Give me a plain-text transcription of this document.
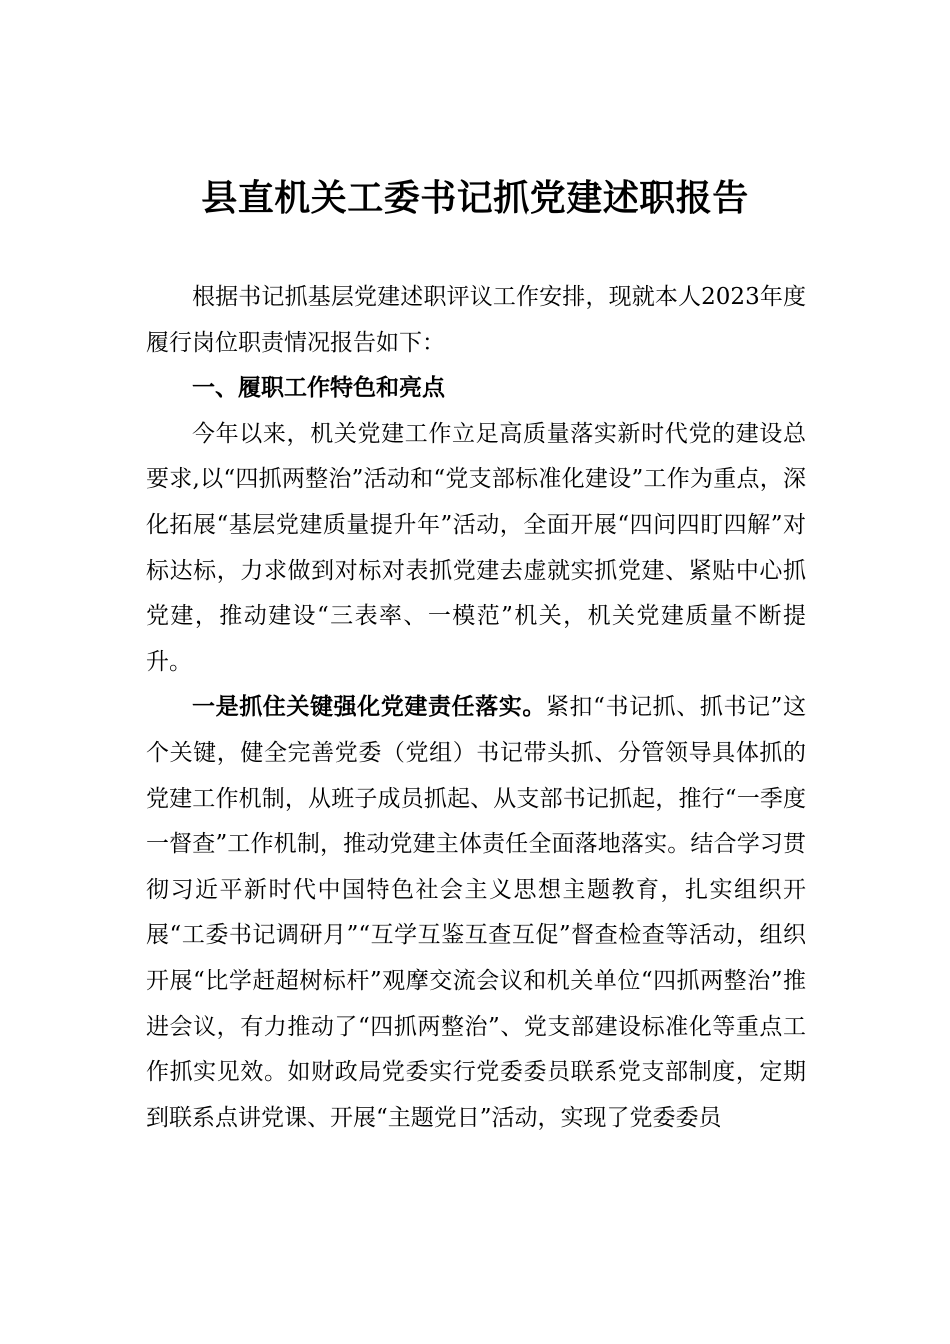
县直机关工委书记抓党建述职报告

根据书记抓基层党建述职评议工作安排，现就本人2023年度履行岗位职责情况报告如下：

一、履职工作特色和亮点

今年以来，机关党建工作立足高质量落实新时代党的建设总要求,以“四抓两整治”活动和“党支部标准化建设”工作为重点，深化拓展“基层党建质量提升年”活动，全面开展“四问四盯四解”对标达标，力求做到对标对表抓党建去虚就实抓党建、紧贴中心抓党建，推动建设“三表率、一模范”机关，机关党建质量不断提升。

一是抓住关键强化党建责任落实。紧扣“书记抓、抓书记”这个关键，健全完善党委（党组）书记带头抓、分管领导具体抓的党建工作机制，从班子成员抓起、从支部书记抓起，推行“一季度一督查”工作机制，推动党建主体责任全面落地落实。结合学习贯彻习近平新时代中国特色社会主义思想主题教育，扎实组织开展“工委书记调研月”“互学互鉴互查互促”督查检查等活动，组织开展“比学赶超树标杆”观摩交流会议和机关单位“四抓两整治”推进会议，有力推动了“四抓两整治”、党支部建设标准化等重点工作抓实见效。如财政局党委实行党委委员联系党支部制度，定期到联系点讲党课、开展“主题党日”活动，实现了党委委员
